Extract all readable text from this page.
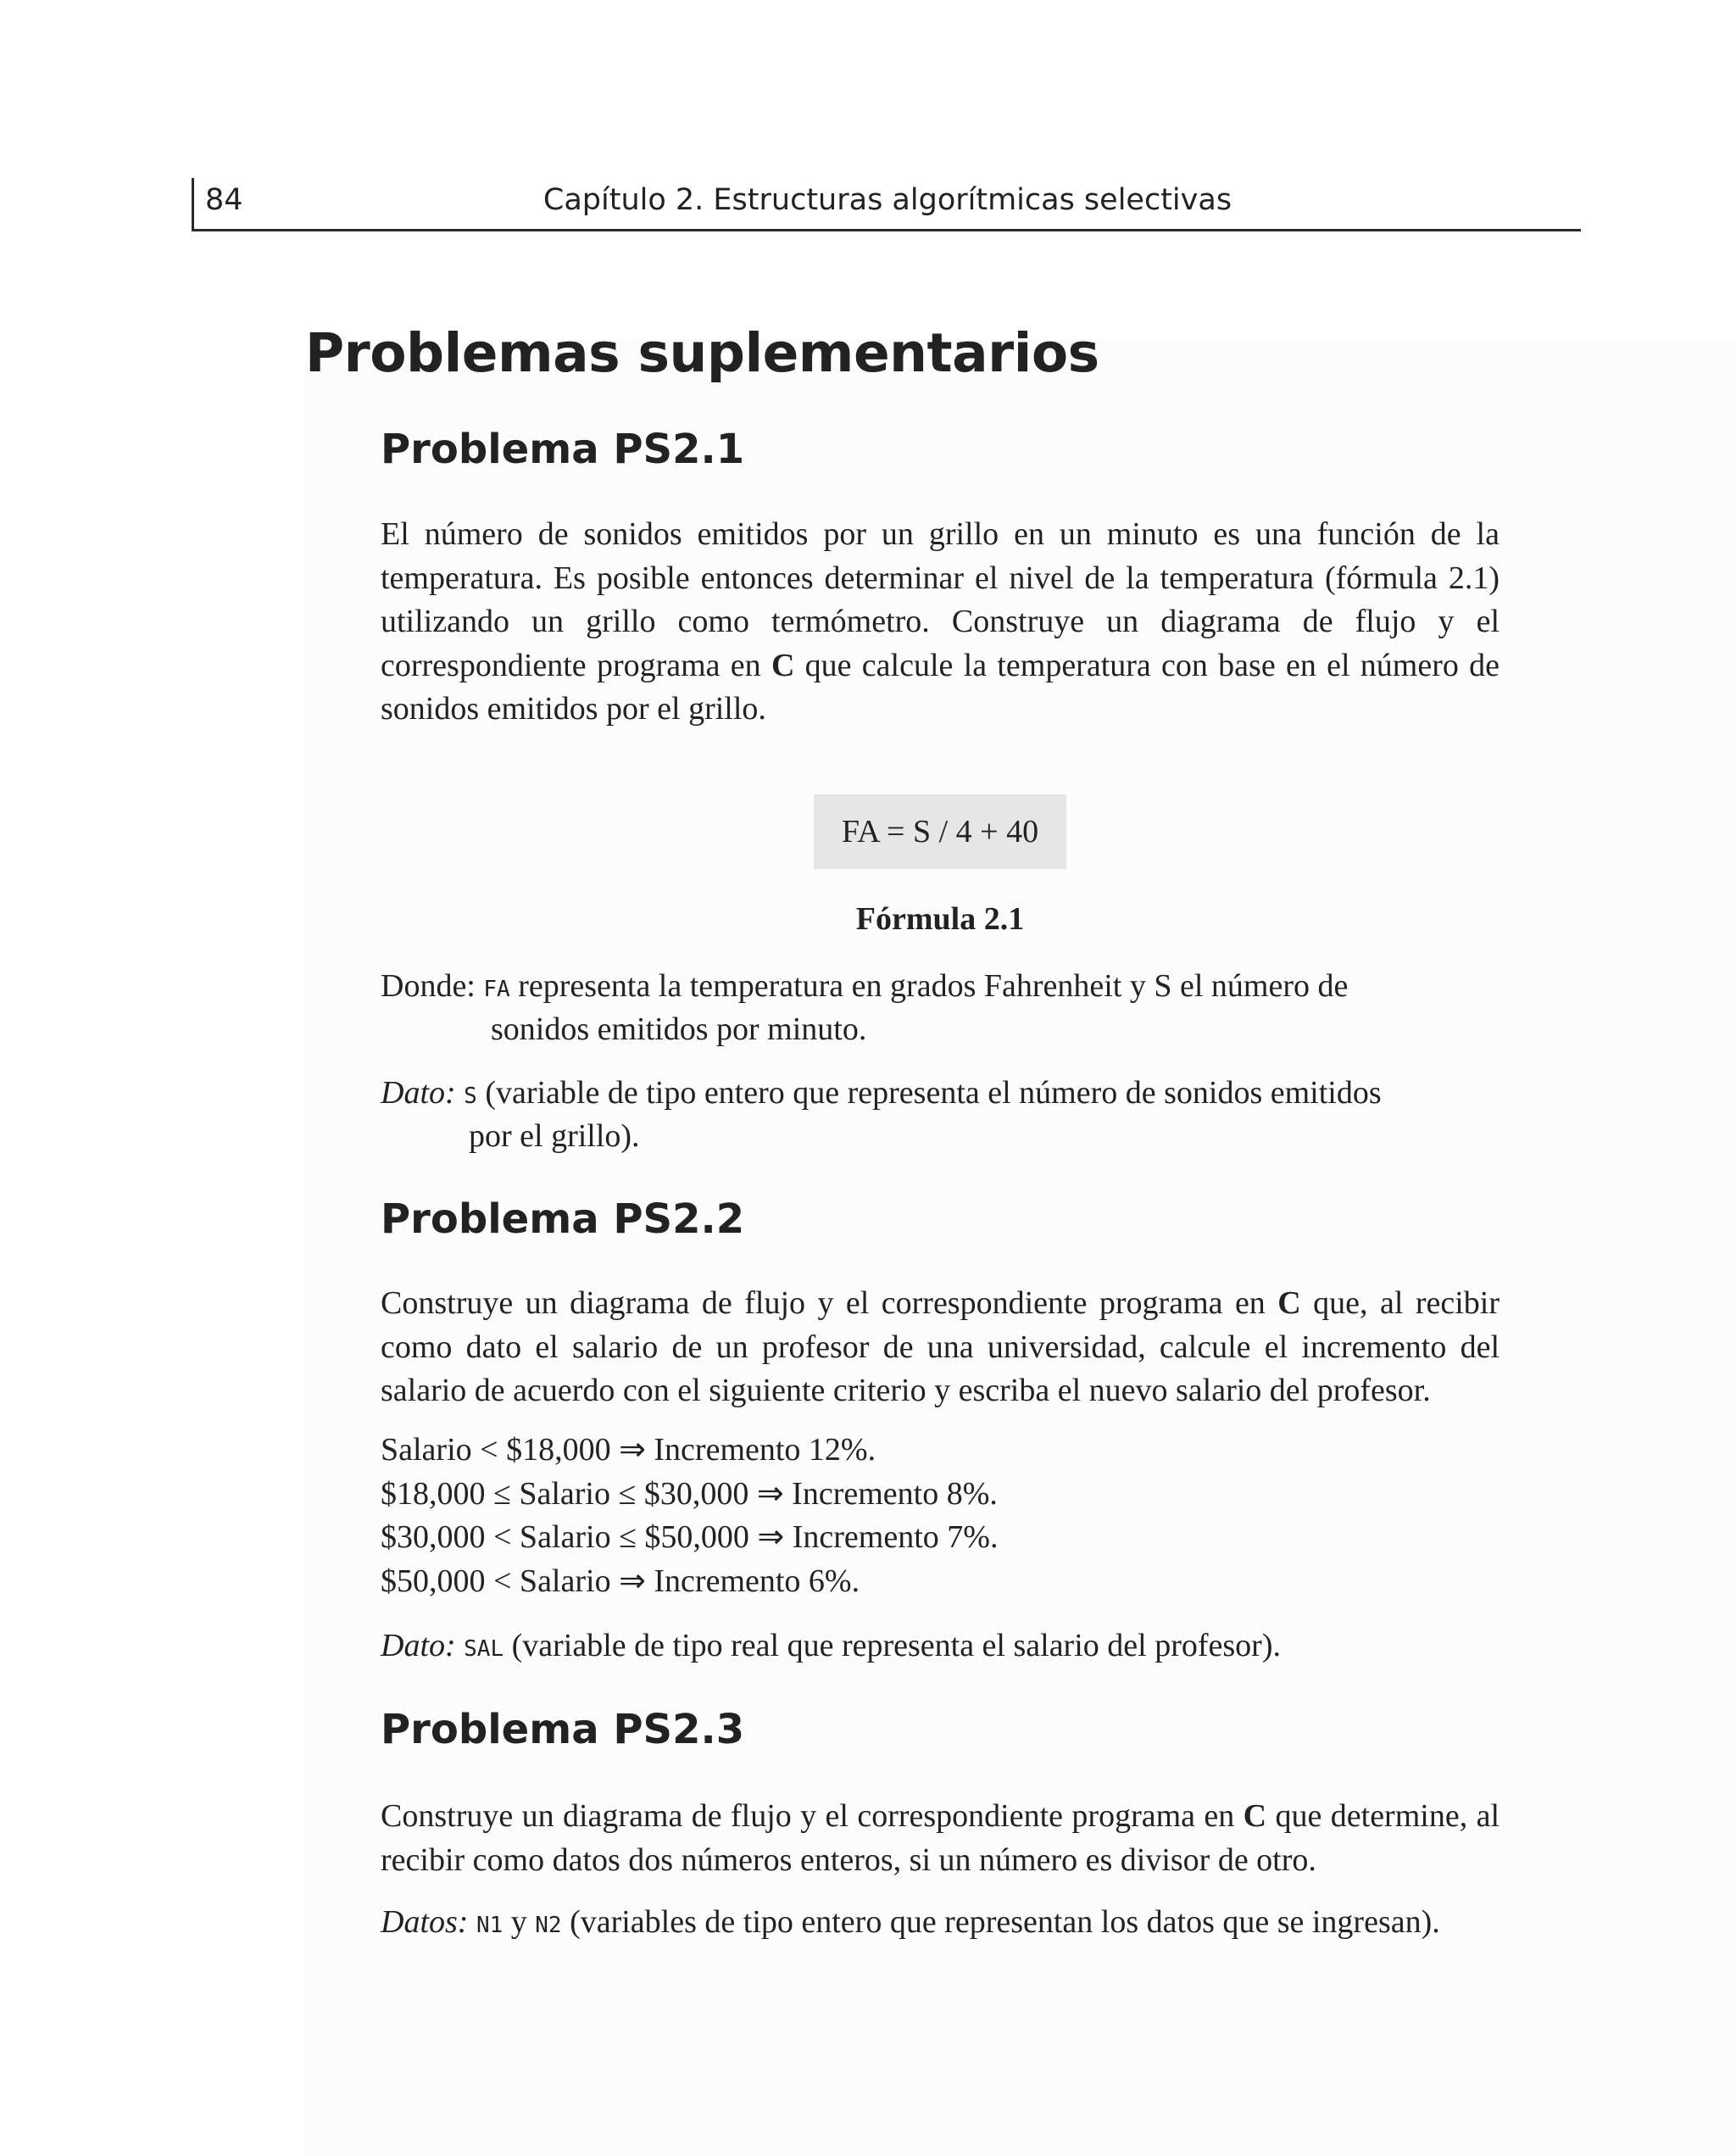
84	Capítulo 2. Estructuras algorítmicas selectivas
Problemas suplementarios
Problema PS2.1

El número de sonidos emitidos por un grillo en un minuto es una función de la temperatura. Es posible entonces determinar el nivel de la temperatura (fórmula 2.1) utilizando un grillo como termómetro. Construye un diagrama de flujo y el correspondiente programa en C que calcule la temperatura con base en el número de sonidos emitidos por el grillo.

FA = S / 4 + 40

Fórmula 2.1

Donde: FA representa la temperatura en grados Fahrenheit y S el número de

sonidos emitidos por minuto.

Dato: S (variable de tipo entero que representa el número de sonidos emitidos

por el grillo).

Problema PS2.2

Construye un diagrama de flujo y el correspondiente programa en C que, al recibir como dato el salario de un profesor de una universidad, calcule el incremento del salario de acuerdo con el siguiente criterio y escriba el nuevo salario del profesor.

Salario < $18,000 ⇒ Incremento 12%.
$18,000 ≤ Salario ≤ $30,000 ⇒ Incremento 8%.
$30,000 < Salario ≤ $50,000 ⇒ Incremento 7%.
$50,000 < Salario ⇒ Incremento 6%.

Dato: SAL (variable de tipo real que representa el salario del profesor).

Problema PS2.3

Construye un diagrama de flujo y el correspondiente programa en C que determine, al recibir como datos dos números enteros, si un número es divisor de otro.

Datos: N1 y N2 (variables de tipo entero que representan los datos que se ingresan).
